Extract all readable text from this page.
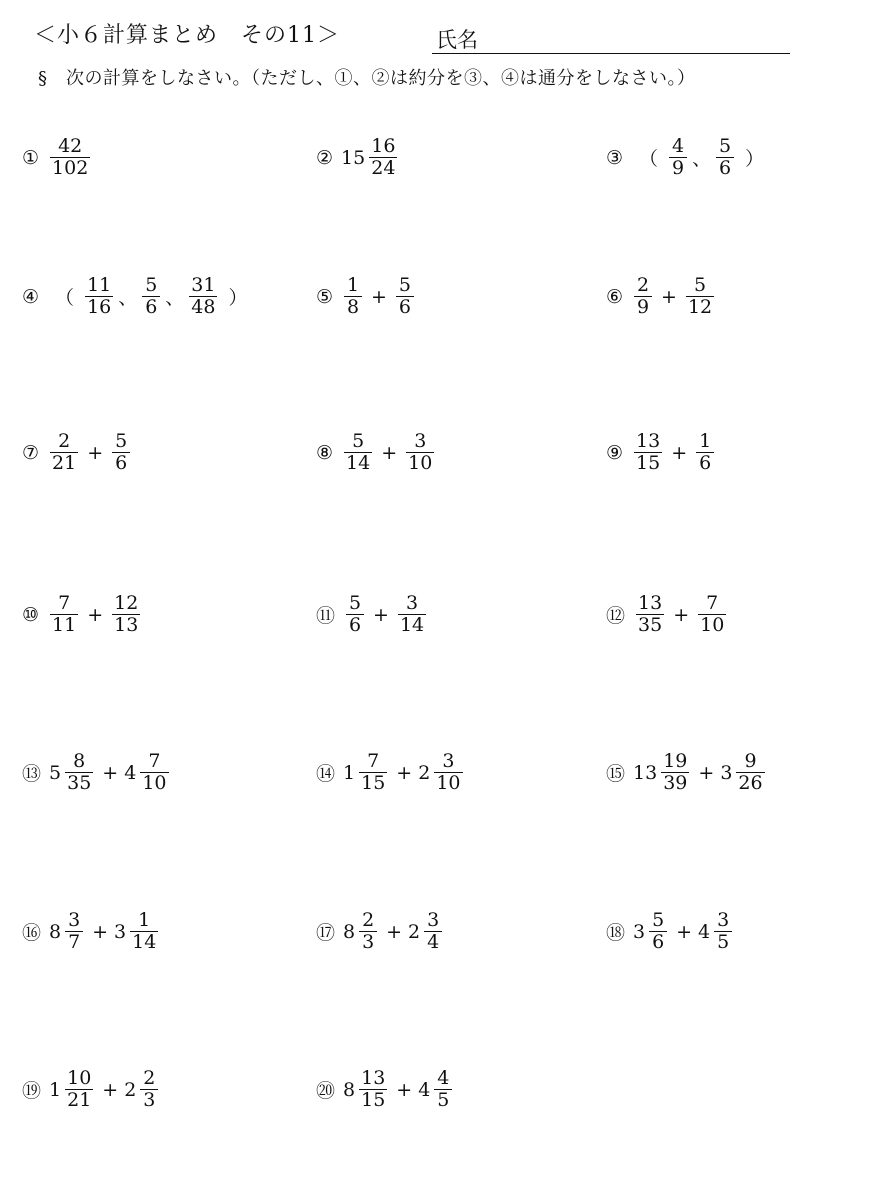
＜小６計算まとめ　その11＞	氏名
§　次の計算をしなさい。（ただし、①、②は約分を③、④は通分をしなさい。）
① $\frac{42}{102}$	② $15 \frac{16}{24}$	③ （ $\frac{4}{9}$ 、 $\frac{5}{6}$ ）
④ （ $\frac{11}{16}$ 、 $\frac{5}{6}$ 、 $\frac{31}{48}$ ）	⑤ $\frac{1}{8} + \frac{5}{6}$	⑥ $\frac{2}{9} + \frac{5}{12}$
⑦ $\frac{2}{21} + \frac{5}{6}$	⑧ $\frac{5}{14} + \frac{3}{10}$	⑨ $\frac{13}{15} + \frac{1}{6}$
⑩ $\frac{7}{11} + \frac{12}{13}$	⑪ $\frac{5}{6} + \frac{3}{14}$	⑫ $\frac{13}{35} + \frac{7}{10}$
⑬ $5 \frac{8}{35} + 4 \frac{7}{10}$	⑭ $1 \frac{7}{15} + 2 \frac{3}{10}$	⑮ $13 \frac{19}{39} + 3 \frac{9}{26}$
⑯ $8 \frac{3}{7} + 3 \frac{1}{14}$	⑰ $8 \frac{2}{3} + 2 \frac{3}{4}$	⑱ $3 \frac{5}{6} + 4 \frac{3}{5}$
⑲ $1 \frac{10}{21} + 2 \frac{2}{3}$	⑳ $8 \frac{13}{15} + 4 \frac{4}{5}$
